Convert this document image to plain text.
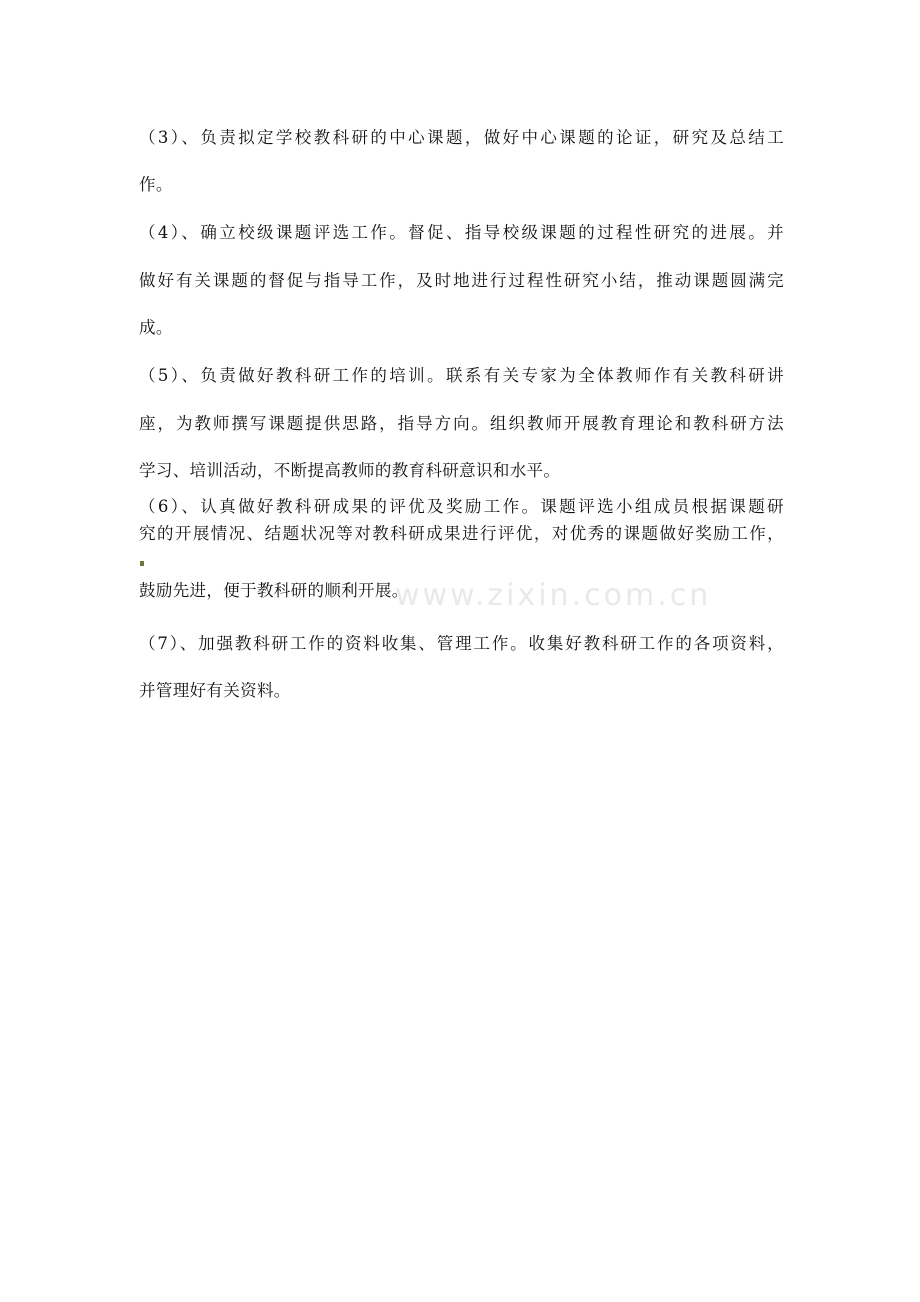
www.zixin.com.cn
（3）、负责拟定学校教科研的中心课题，做好中心课题的论证，研究及总结工
作。
（4）、确立校级课题评选工作。督促、指导校级课题的过程性研究的进展。并
做好有关课题的督促与指导工作，及时地进行过程性研究小结，推动课题圆满完
成。
（5）、负责做好教科研工作的培训。联系有关专家为全体教师作有关教科研讲
座，为教师撰写课题提供思路，指导方向。组织教师开展教育理论和教科研方法
学习、培训活动，不断提高教师的教育科研意识和水平。
（6）、认真做好教科研成果的评优及奖励工作。课题评选小组成员根据课题研
究的开展情况、结题状况等对教科研成果进行评优，对优秀的课题做好奖励工作，
鼓励先进，便于教科研的顺利开展。
（7）、加强教科研工作的资料收集、管理工作。收集好教科研工作的各项资料，
并管理好有关资料。
